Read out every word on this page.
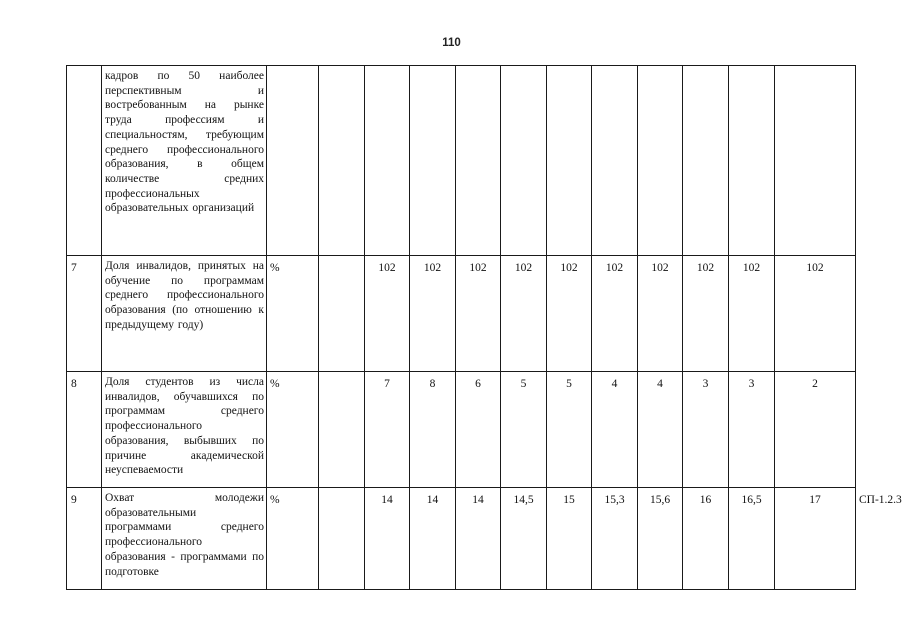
110

	кадров по 50 наиболее перспективным и востребованным на рынке труда профессиям и специальностям, требующим среднего профессионального образования, в общем количестве средних профессиональных образовательных организаций													

7	Доля инвалидов, принятых на обучение по программам среднего профессионального образования (по отношению к предыдущему году)	%		102	102	102	102	102	102	102	102	102	102	
8	Доля студентов из числа инвалидов, обучавшихся по программам среднего профессионального образования, выбывших по причине академической неуспеваемости	%		7	8	6	5	5	4	4	3	3	2	
9	Охват молодежи образовательными программами среднего профессионального образования - программами по подготовке	%		14	14	14	14,5	15	15,3	15,6	16	16,5	17	СП-1.2.3
